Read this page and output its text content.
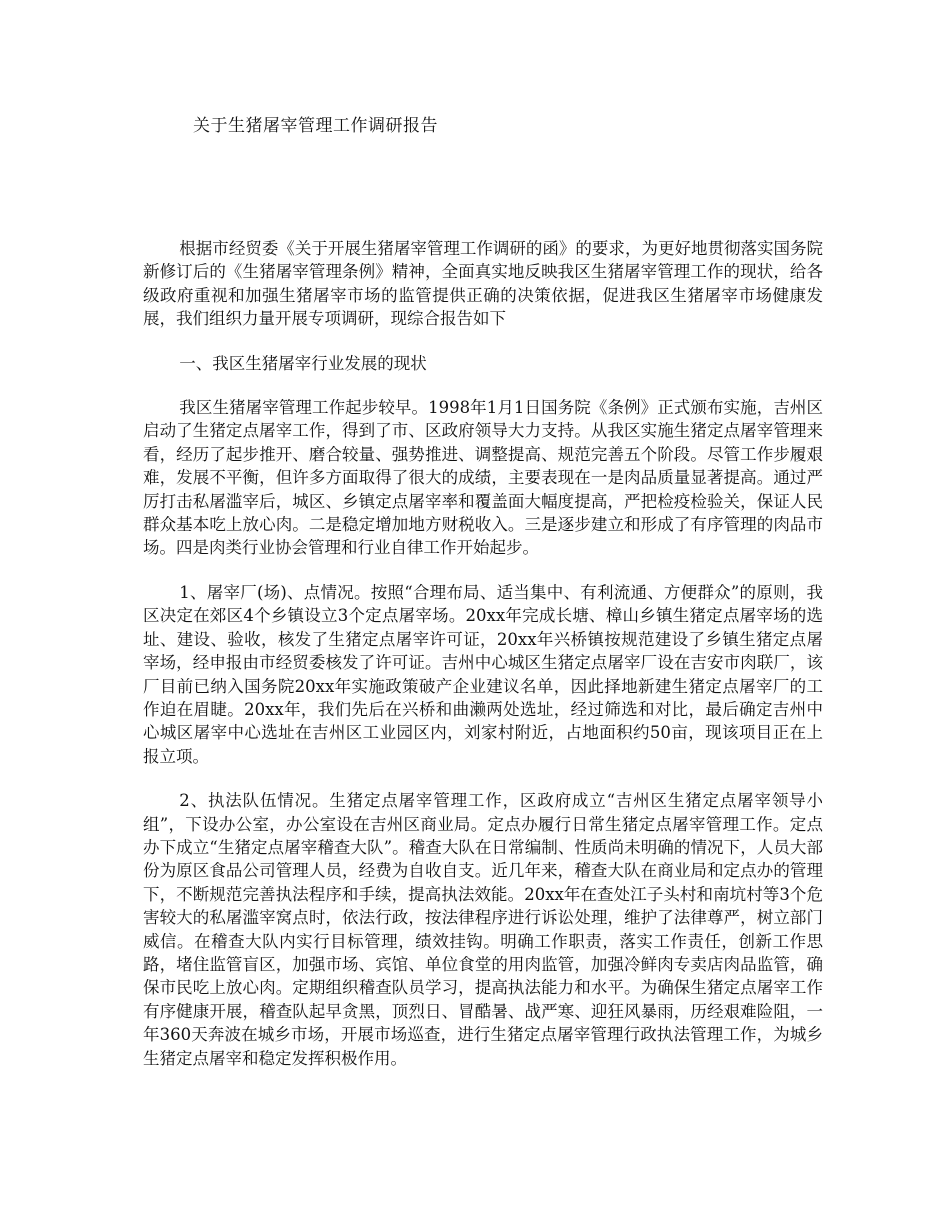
关于生猪屠宰管理工作调研报告

根据市经贸委《关于开展生猪屠宰管理工作调研的函》的要求，为更好地贯彻落实国务院新修订后的《生猪屠宰管理条例》精神，全面真实地反映我区生猪屠宰管理工作的现状，给各级政府重视和加强生猪屠宰市场的监管提供正确的决策依据，促进我区生猪屠宰市场健康发展，我们组织力量开展专项调研，现综合报告如下

一、我区生猪屠宰行业发展的现状

我区生猪屠宰管理工作起步较早。1998年1月1日国务院《条例》正式颁布实施，吉州区启动了生猪定点屠宰工作，得到了市、区政府领导大力支持。从我区实施生猪定点屠宰管理来看，经历了起步推开、磨合较量、强势推进、调整提高、规范完善五个阶段。尽管工作步履艰难，发展不平衡，但许多方面取得了很大的成绩，主要表现在一是肉品质量显著提高。通过严厉打击私屠滥宰后，城区、乡镇定点屠宰率和覆盖面大幅度提高，严把检疫检验关，保证人民群众基本吃上放心肉。二是稳定增加地方财税收入。三是逐步建立和形成了有序管理的肉品市场。四是肉类行业协会管理和行业自律工作开始起步。

1、屠宰厂(场)、点情况。按照“合理布局、适当集中、有利流通、方便群众”的原则，我区决定在郊区4个乡镇设立3个定点屠宰场。20xx年完成长塘、樟山乡镇生猪定点屠宰场的选址、建设、验收，核发了生猪定点屠宰许可证，20xx年兴桥镇按规范建设了乡镇生猪定点屠宰场，经申报由市经贸委核发了许可证。吉州中心城区生猪定点屠宰厂设在吉安市肉联厂，该厂目前已纳入国务院20xx年实施政策破产企业建议名单，因此择地新建生猪定点屠宰厂的工作迫在眉睫。20xx年，我们先后在兴桥和曲濑两处选址，经过筛选和对比，最后确定吉州中心城区屠宰中心选址在吉州区工业园区内，刘家村附近，占地面积约50亩，现该项目正在上报立项。

2、执法队伍情况。生猪定点屠宰管理工作，区政府成立“吉州区生猪定点屠宰领导小组”，下设办公室，办公室设在吉州区商业局。定点办履行日常生猪定点屠宰管理工作。定点办下成立“生猪定点屠宰稽查大队”。稽查大队在日常编制、性质尚未明确的情况下，人员大部份为原区食品公司管理人员，经费为自收自支。近几年来，稽查大队在商业局和定点办的管理下，不断规范完善执法程序和手续，提高执法效能。20xx年在查处江子头村和南坑村等3个危害较大的私屠滥宰窝点时，依法行政，按法律程序进行诉讼处理，维护了法律尊严，树立部门威信。在稽查大队内实行目标管理，绩效挂钩。明确工作职责，落实工作责任，创新工作思路，堵住监管盲区，加强市场、宾馆、单位食堂的用肉监管，加强冷鲜肉专卖店肉品监管，确保市民吃上放心肉。定期组织稽查队员学习，提高执法能力和水平。为确保生猪定点屠宰工作有序健康开展，稽查队起早贪黑，顶烈日、冒酷暑、战严寒、迎狂风暴雨，历经艰难险阻，一年360天奔波在城乡市场，开展市场巡查，进行生猪定点屠宰管理行政执法管理工作，为城乡生猪定点屠宰和稳定发挥积极作用。
